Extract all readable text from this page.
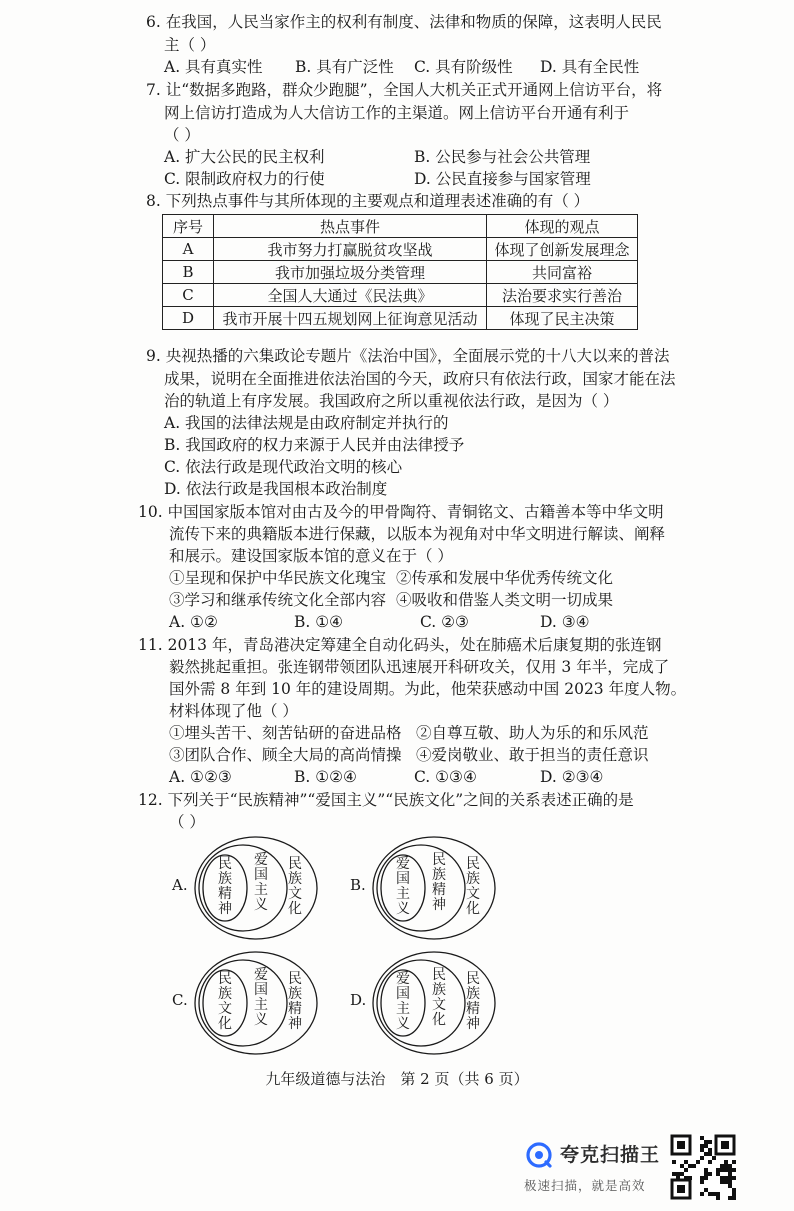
6. 在我国，人民当家作主的权利有制度、法律和物质的保障，这表明人民民
主（ ）
A. 具有真实性 B. 具有广泛性 C. 具有阶级性 D. 具有全民性
7. 让“数据多跑路，群众少跑腿”，全国人大机关正式开通网上信访平台，将
网上信访打造成为人大信访工作的主渠道。网上信访平台开通有利于
（ ）
A. 扩大公民的民主权利	B. 公民参与社会公共管理
C. 限制政府权力的行使	D. 公民直接参与国家管理
8. 下列热点事件与其所体现的主要观点和道理表述准确的有（ ）
序号	热点事件	体现的观点
A	我市努力打赢脱贫攻坚战	体现了创新发展理念
B	我市加强垃圾分类管理	共同富裕
C	全国人大通过《民法典》	法治要求实行善治
D	我市开展十四五规划网上征询意见活动	体现了民主决策
9. 央视热播的六集政论专题片《法治中国》，全面展示党的十八大以来的普法
成果，说明在全面推进依法治国的今天，政府只有依法行政，国家才能在法
治的轨道上有序发展。我国政府之所以重视依法行政，是因为（ ）
A. 我国的法律法规是由政府制定并执行的
B. 我国政府的权力来源于人民并由法律授予
C. 依法行政是现代政治文明的核心
D. 依法行政是我国根本政治制度
10. 中国国家版本馆对由古及今的甲骨陶符、青铜铭文、古籍善本等中华文明
流传下来的典籍版本进行保藏，以版本为视角对中华文明进行解读、阐释
和展示。建设国家版本馆的意义在于（ ）
①呈现和保护中华民族文化瑰宝 ②传承和发展中华优秀传统文化
③学习和继承传统文化全部内容 ④吸收和借鉴人类文明一切成果
A. ①②	B. ①④	C. ②③	D. ③④
11. 2013 年，青岛港决定筹建全自动化码头，处在肺癌术后康复期的张连钢
毅然挑起重担。张连钢带领团队迅速展开科研攻关，仅用 3 年半，完成了
国外需 8 年到 10 年的建设周期。为此，他荣获感动中国 2023 年度人物。
材料体现了他（ ）
①埋头苦干、刻苦钻研的奋进品格 ②自尊互敬、助人为乐的和乐风范
③团队合作、顾全大局的高尚情操 ④爱岗敬业、敢于担当的责任意识
A. ①②③	B. ①②④	C. ①③④	D. ②③④
12. 下列关于“民族精神”“爱国主义”“民族文化”之间的关系表述正确的是
（ ）
A.
民族精神
爱国主义
民族文化
B.
爱国主义
民族精神
民族文化
C.
民族文化
爱国主义
民族精神
D.
爱国主义
民族文化
民族精神
九年级道德与法治　第 2 页（共 6 页）
夸克扫描王
极速扫描，就是高效
